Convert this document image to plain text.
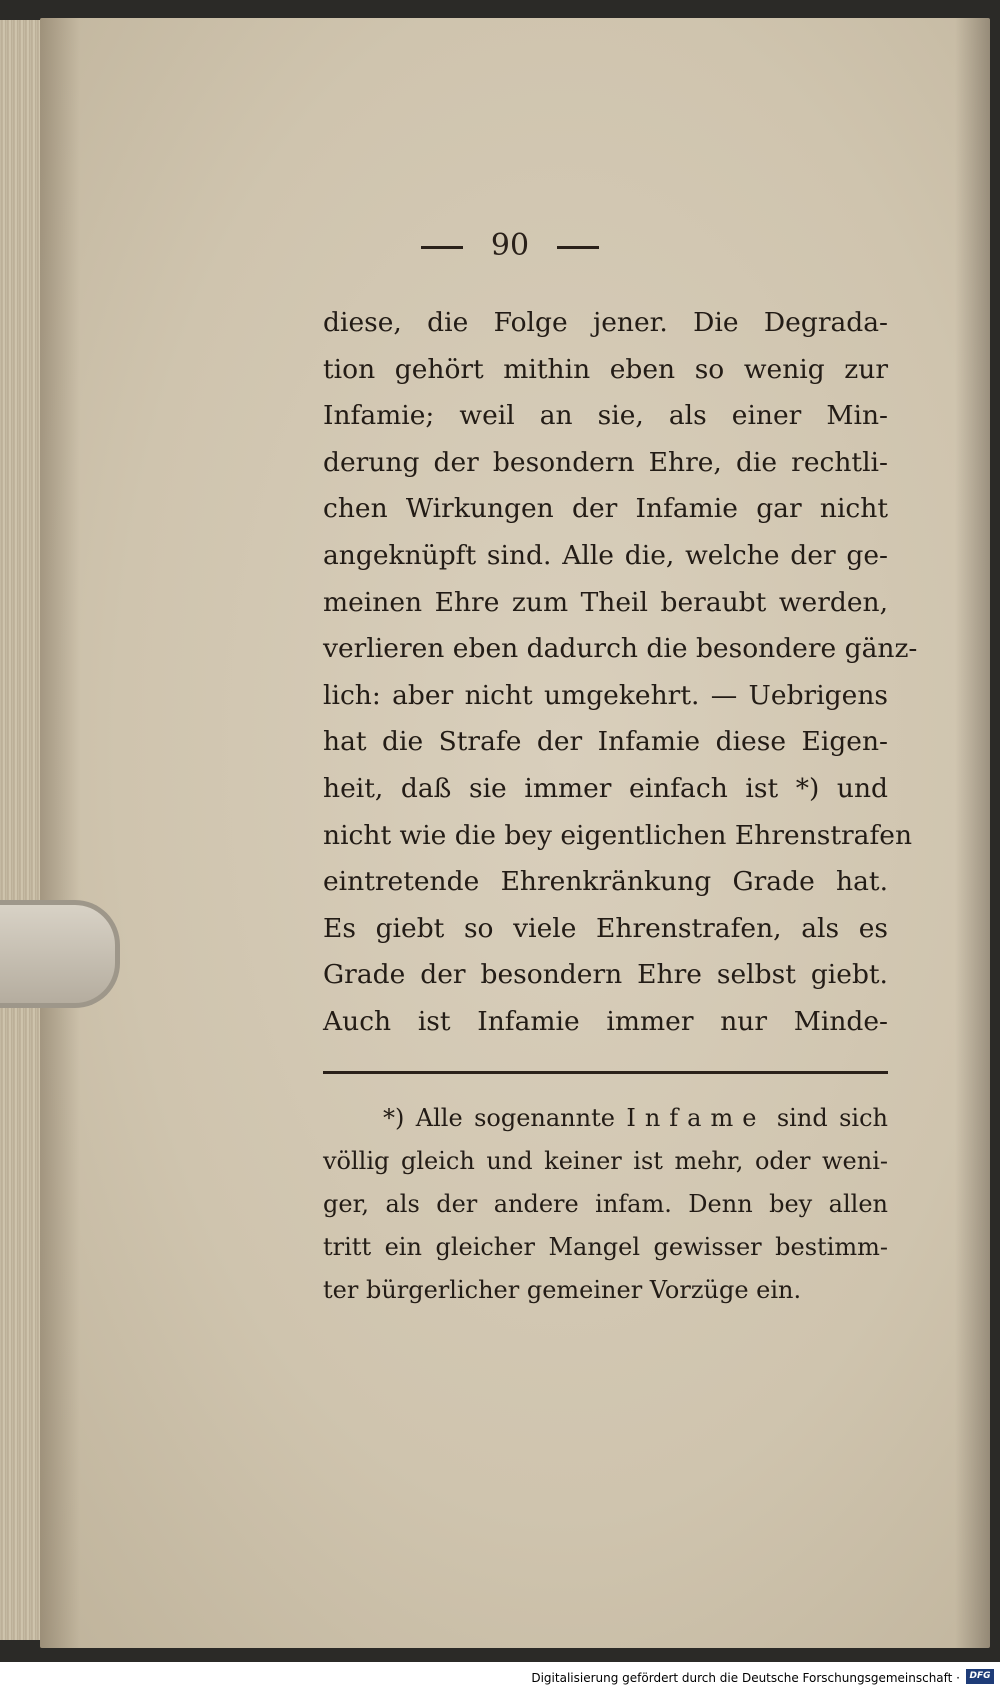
90
diese, die Folge jener. Die Degrada-
tion gehört mithin eben so wenig zur
Infamie; weil an sie, als einer Min-
derung der besondern Ehre, die rechtli-
chen Wirkungen der Infamie gar nicht
angeknüpft sind. Alle die, welche der ge-
meinen Ehre zum Theil beraubt werden,
verlieren eben dadurch die besondere gänz-
lich: aber nicht umgekehrt. — Uebrigens
hat die Strafe der Infamie diese Eigen-
heit, daß sie immer einfach ist *) und
nicht wie die bey eigentlichen Ehrenstrafen
eintretende Ehrenkränkung Grade hat.
Es giebt so viele Ehrenstrafen, als es
Grade der besondern Ehre selbst giebt.
Auch ist Infamie immer nur Minde-
*) Alle sogenannte Infame sind sich
völlig gleich und keiner ist mehr, oder weni-
ger, als der andere infam. Denn bey allen
tritt ein gleicher Mangel gewisser bestimm-
ter bürgerlicher gemeiner Vorzüge ein.
Digitalisierung gefördert durch die Deutsche Forschungsgemeinschaft ·	DFG
